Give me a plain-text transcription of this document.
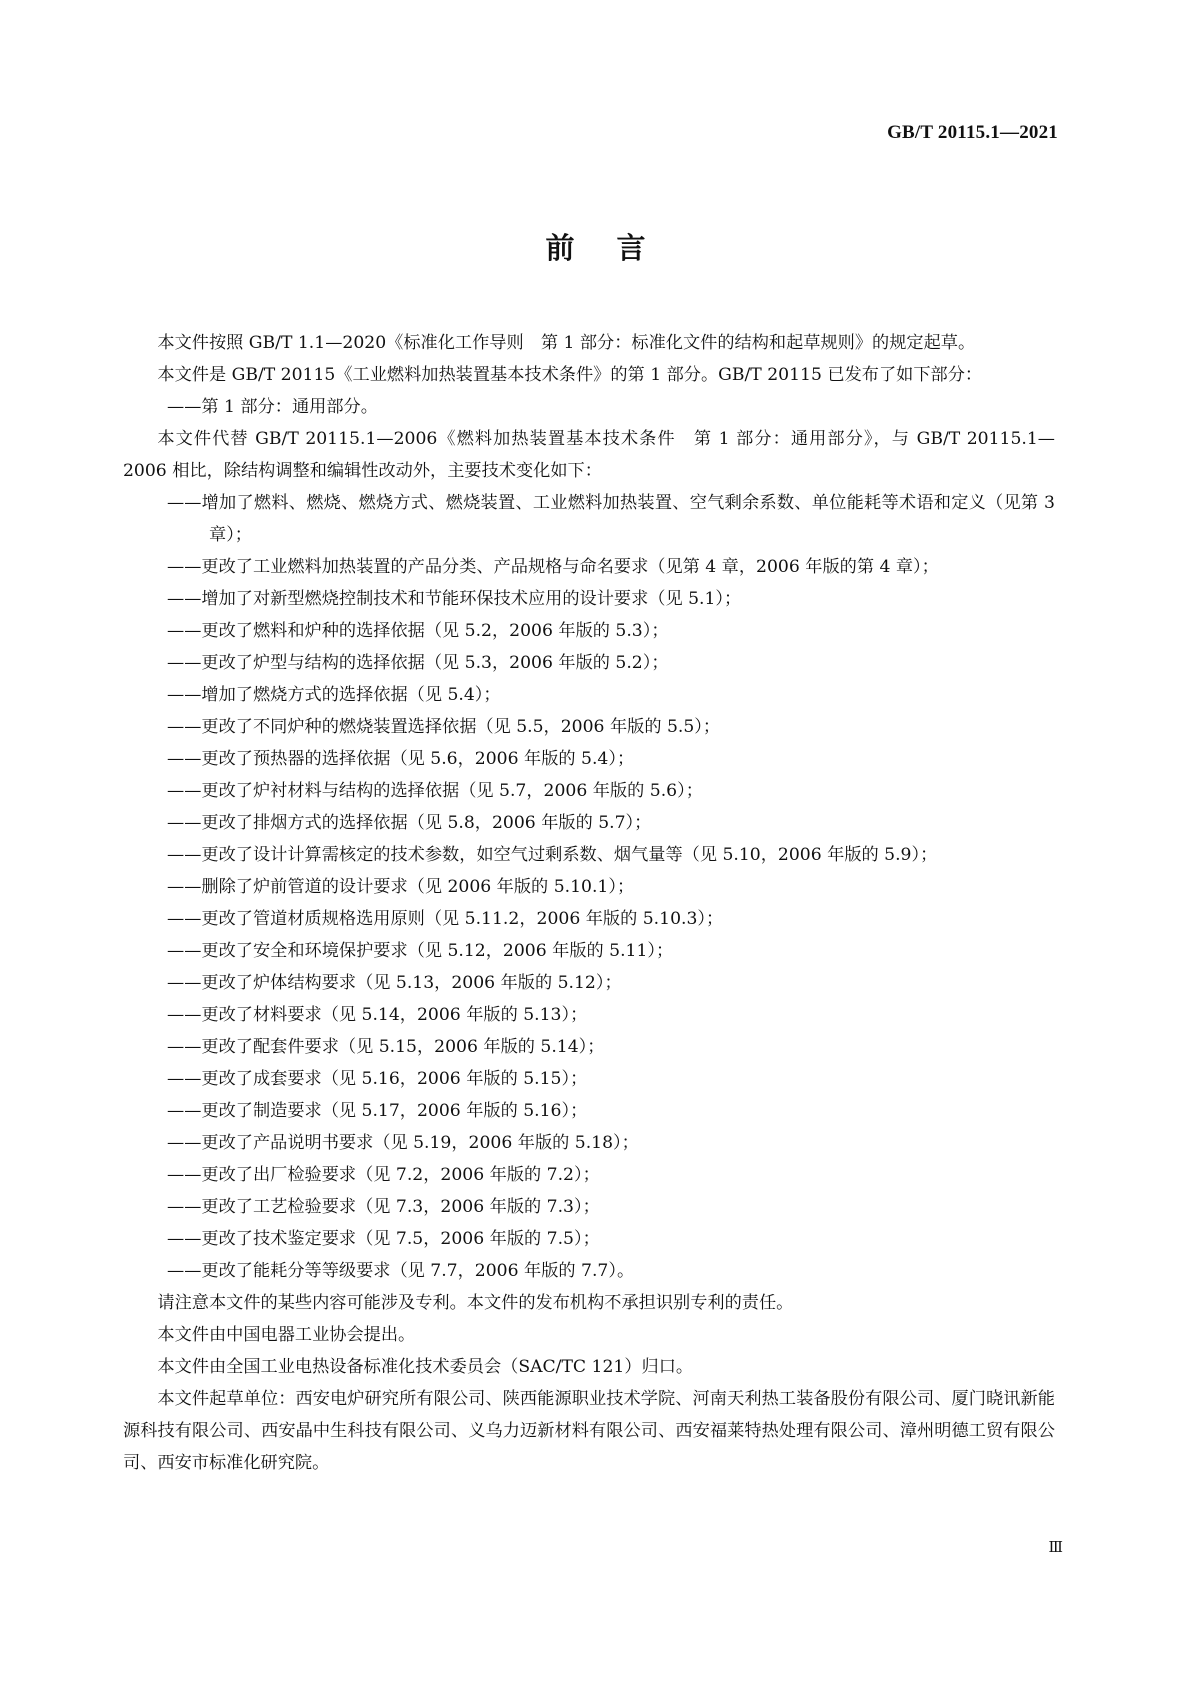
GB/T 20115.1—2021
前言

本文件按照 GB/T 1.1—2020《标准化工作导则　第 1 部分：标准化文件的结构和起草规则》的规定起草。

本文件是 GB/T 20115《工业燃料加热装置基本技术条件》的第 1 部分。GB/T 20115 已发布了如下部分：

——第 1 部分：通用部分。

本文件代替 GB/T 20115.1—2006《燃料加热装置基本技术条件　第 1 部分：通用部分》，与 GB/T 20115.1—2006 相比，除结构调整和编辑性改动外，主要技术变化如下：

——增加了燃料、燃烧、燃烧方式、燃烧装置、工业燃料加热装置、空气剩余系数、单位能耗等术语和定义（见第 3 章）；

——更改了工业燃料加热装置的产品分类、产品规格与命名要求（见第 4 章，2006 年版的第 4 章）；

——增加了对新型燃烧控制技术和节能环保技术应用的设计要求（见 5.1）；

——更改了燃料和炉种的选择依据（见 5.2，2006 年版的 5.3）；

——更改了炉型与结构的选择依据（见 5.3，2006 年版的 5.2）；

——增加了燃烧方式的选择依据（见 5.4）；

——更改了不同炉种的燃烧装置选择依据（见 5.5，2006 年版的 5.5）；

——更改了预热器的选择依据（见 5.6，2006 年版的 5.4）；

——更改了炉衬材料与结构的选择依据（见 5.7，2006 年版的 5.6）；

——更改了排烟方式的选择依据（见 5.8，2006 年版的 5.7）；

——更改了设计计算需核定的技术参数，如空气过剩系数、烟气量等（见 5.10，2006 年版的 5.9）；

——删除了炉前管道的设计要求（见 2006 年版的 5.10.1）；

——更改了管道材质规格选用原则（见 5.11.2，2006 年版的 5.10.3）；

——更改了安全和环境保护要求（见 5.12，2006 年版的 5.11）；

——更改了炉体结构要求（见 5.13，2006 年版的 5.12）；

——更改了材料要求（见 5.14，2006 年版的 5.13）；

——更改了配套件要求（见 5.15，2006 年版的 5.14）；

——更改了成套要求（见 5.16，2006 年版的 5.15）；

——更改了制造要求（见 5.17，2006 年版的 5.16）；

——更改了产品说明书要求（见 5.19，2006 年版的 5.18）；

——更改了出厂检验要求（见 7.2，2006 年版的 7.2）；

——更改了工艺检验要求（见 7.3，2006 年版的 7.3）；

——更改了技术鉴定要求（见 7.5，2006 年版的 7.5）；

——更改了能耗分等等级要求（见 7.7，2006 年版的 7.7）。

请注意本文件的某些内容可能涉及专利。本文件的发布机构不承担识别专利的责任。

本文件由中国电器工业协会提出。

本文件由全国工业电热设备标准化技术委员会（SAC/TC 121）归口。

本文件起草单位：西安电炉研究所有限公司、陕西能源职业技术学院、河南天利热工装备股份有限公司、厦门晓讯新能源科技有限公司、西安晶中生科技有限公司、义乌力迈新材料有限公司、西安福莱特热处理有限公司、漳州明德工贸有限公司、西安市标准化研究院。

Ⅲ
